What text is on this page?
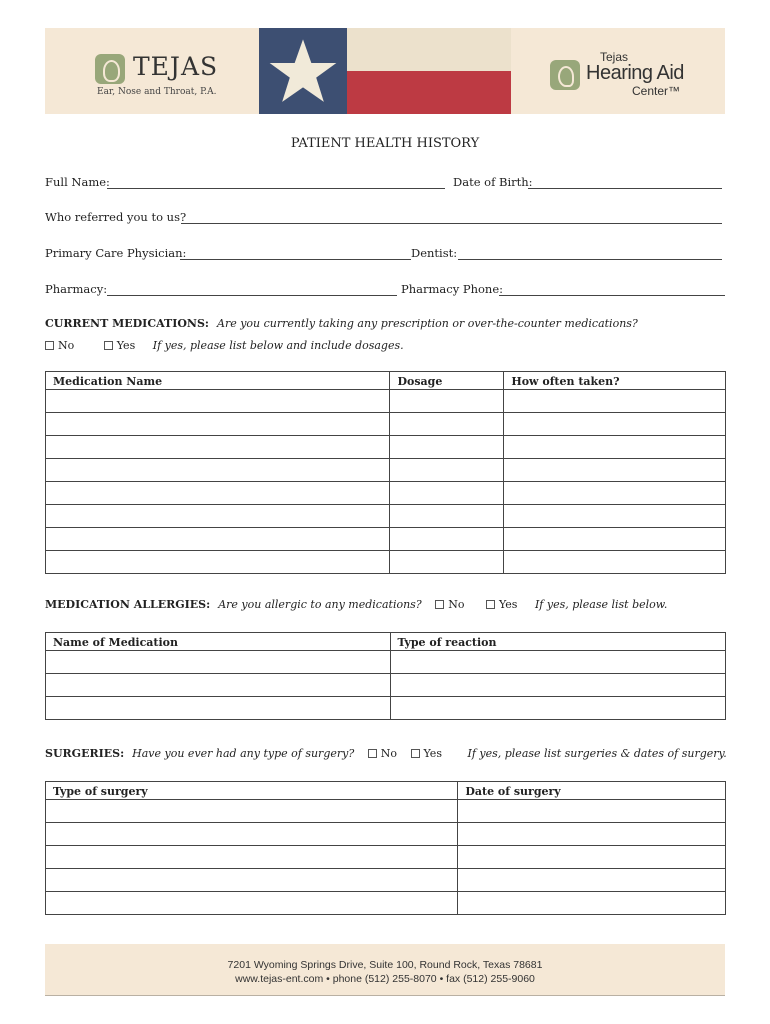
TEJAS
Ear, Nose and Throat, P.A.
Tejas
Hearing Aid
Center™
PATIENT HEALTH HISTORY
Full Name:	Date of Birth:
Who referred you to us?
Primary Care Physician:	Dentist:
Pharmacy:	Pharmacy Phone:
CURRENT MEDICATIONS: Are you currently taking any prescription or over-the-counter medications?
No	Yes If yes, please list below and include dosages.
Medication Name	Dosage	How often taken?

MEDICATION ALLERGIES: Are you allergic to any medications? No	Yes If yes, please list below.
Name of Medication	Type of reaction

SURGERIES: Have you ever had any type of surgery? No Yes If yes, please list surgeries & dates of surgery.
Type of surgery	Date of surgery

7201 Wyoming Springs Drive, Suite 100, Round Rock, Texas 78681
www.tejas-ent.com • phone (512) 255-8070 • fax (512) 255-9060
